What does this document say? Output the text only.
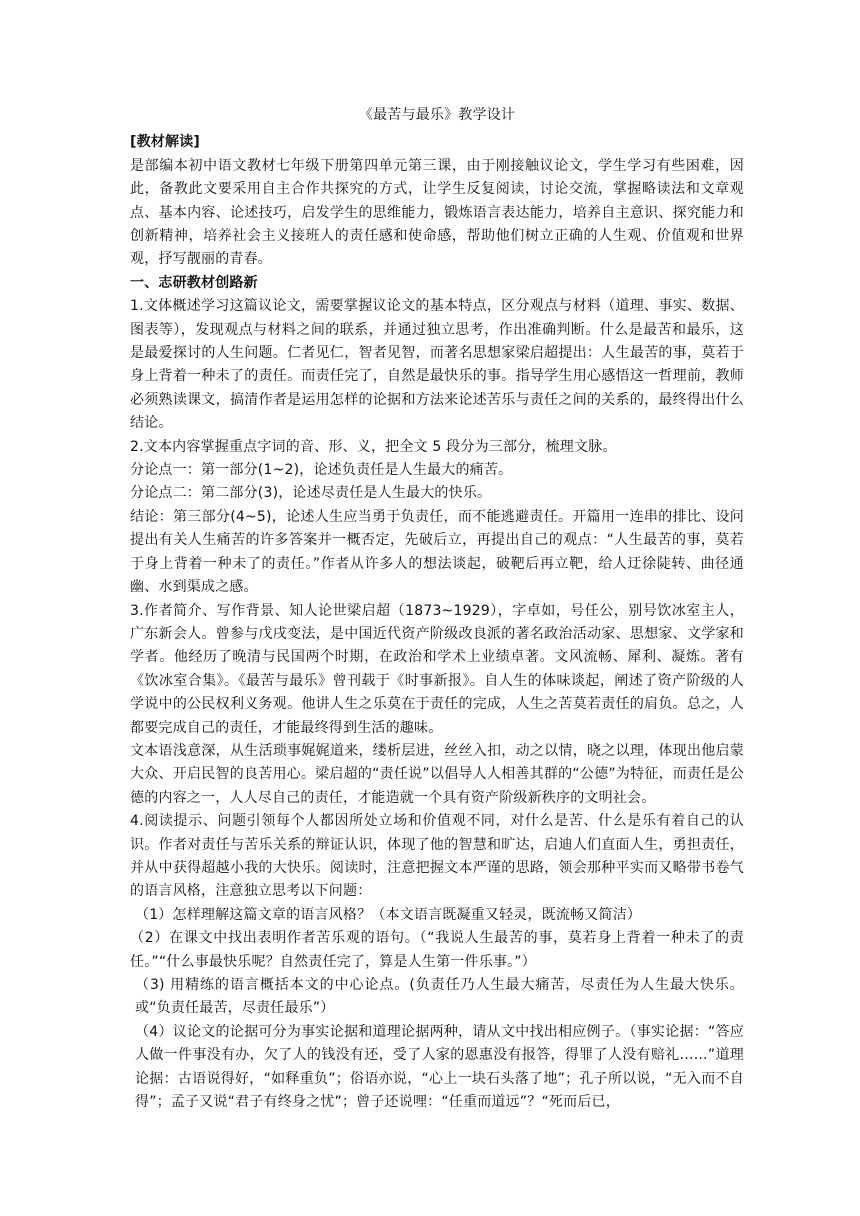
《最苦与最乐》教学设计
[教材解读]

是部编本初中语文教材七年级下册第四单元第三课，由于刚接触议论文，学生学习有些困难，因此，备教此文要采用自主合作共探究的方式，让学生反复阅读，讨论交流，掌握略读法和文章观点、基本内容、论述技巧，启发学生的思维能力，锻炼语言表达能力，培养自主意识、探究能力和创新精神，培养社会主义接班人的责任感和使命感，帮助他们树立正确的人生观、价值观和世界观，抒写靓丽的青春。

一、志研教材创路新

1.文体概述学习这篇议论文，需要掌握议论文的基本特点，区分观点与材料（道理、事实、数据、图表等），发现观点与材料之间的联系，并通过独立思考，作出准确判断。什么是最苦和最乐，这是最爱探讨的人生问题。仁者见仁，智者见智，而著名思想家梁启超提出：人生最苦的事，莫若于身上背着一种未了的责任。而责任完了，自然是最快乐的事。指导学生用心感悟这一哲理前，教师必须熟读课文，搞清作者是运用怎样的论据和方法来论述苦乐与责任之间的关系的，最终得出什么结论。

2.文本内容掌握重点字词的音、形、义，把全文 5 段分为三部分，梳理文脉。

分论点一：第一部分(1~2)，论述负责任是人生最大的痛苦。

分论点二：第二部分(3)，论述尽责任是人生最大的快乐。

结论：第三部分(4~5)，论述人生应当勇于负责任，而不能逃避责任。开篇用一连串的排比、设问提出有关人生痛苦的许多答案并一概否定，先破后立，再提出自己的观点：“人生最苦的事，莫若于身上背着一种未了的责任。”作者从许多人的想法谈起，破靶后再立靶，给人迂徐陡转、曲径通幽、水到渠成之感。

3.作者简介、写作背景、知人论世梁启超（1873~1929），字卓如，号任公，别号饮冰室主人，广东新会人。曾参与戊戌变法，是中国近代资产阶级改良派的著名政治活动家、思想家、文学家和学者。他经历了晚清与民国两个时期，在政治和学术上业绩卓著。文风流畅、犀利、凝炼。著有《饮冰室合集》。《最苦与最乐》曾刊载于《时事新报》。自人生的体味谈起，阐述了资产阶级的人学说中的公民权利义务观。他讲人生之乐莫在于责任的完成，人生之苦莫若责任的肩负。总之，人都要完成自己的责任，才能最终得到生活的趣味。

文本语浅意深，从生活琐事娓娓道来，缕析层进，丝丝入扣，动之以情，晓之以理，体现出他启蒙大众、开启民智的良苦用心。梁启超的“责任说”以倡导人人相善其群的“公德”为特征，而责任是公德的内容之一，人人尽自己的责任，才能造就一个具有资产阶级新秩序的文明社会。

4.阅读提示、问题引领每个人都因所处立场和价值观不同，对什么是苦、什么是乐有着自己的认识。作者对责任与苦乐关系的辩证认识，体现了他的智慧和旷达，启迪人们直面人生，勇担责任，并从中获得超越小我的大快乐。阅读时，注意把握文本严谨的思路，领会那种平实而又略带书卷气的语言风格，注意独立思考以下问题：

（1）怎样理解这篇文章的语言风格？（本文语言既凝重又轻灵，既流畅又简洁）

（2）在课文中找出表明作者苦乐观的语句。（“我说人生最苦的事，莫若身上背着一种未了的责任。”“什么事最快乐呢？自然责任完了，算是人生第一件乐事。”）

（3) 用精练的语言概括本文的中心论点。(负责任乃人生最大痛苦，尽责任为人生最大快乐。或“负责任最苦，尽责任最乐”）

（4）议论文的论据可分为事实论据和道理论据两种，请从文中找出相应例子。（事实论据：“答应人做一件事没有办，欠了人的钱没有还，受了人家的恩惠没有报答，得罪了人没有赔礼……”道理论据：古语说得好，“如释重负”；俗语亦说，“心上一块石头落了地”；孔子所以说，“无入而不自得”；孟子又说“君子有终身之忧”；曾子还说哩：“任重而道远”？“死而后已，
